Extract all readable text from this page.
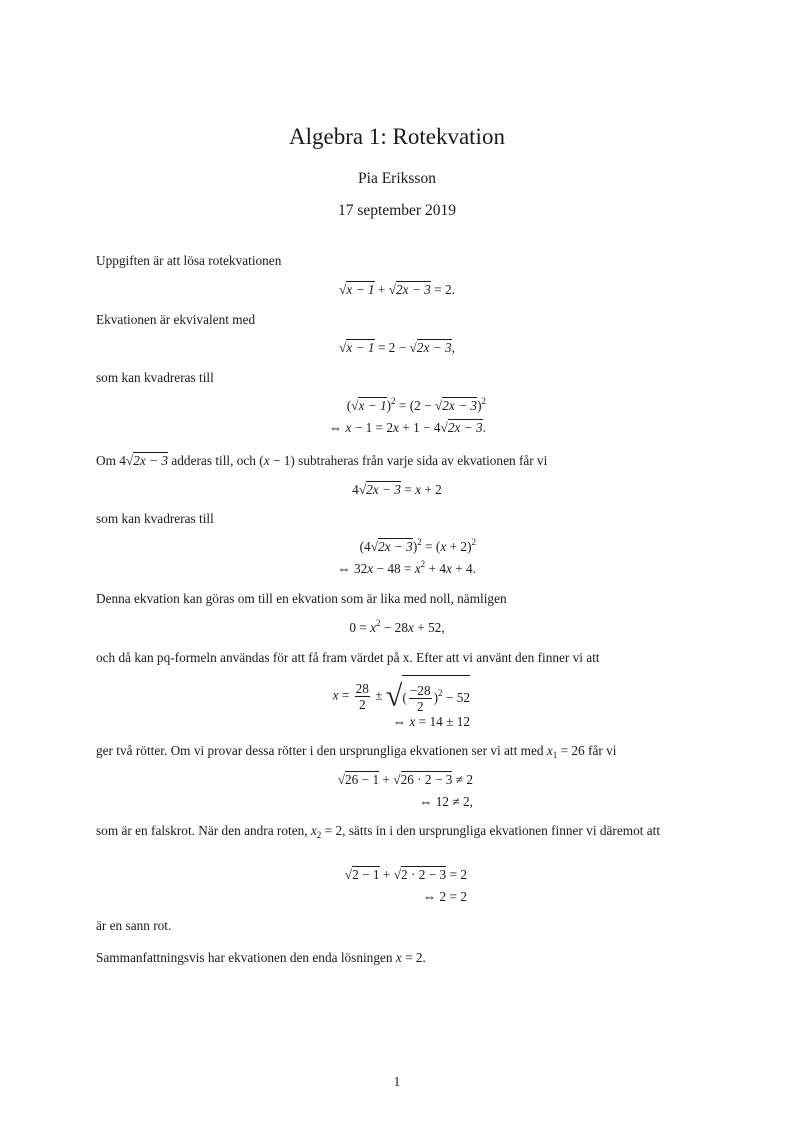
Algebra 1: Rotekvation
Pia Eriksson
17 september 2019
Uppgiften är att lösa rotekvationen
√x − 1 + √2x − 3 = 2.
Ekvationen är ekvivalent med
√x − 1 = 2 − √2x − 3,
som kan kvadreras till
$(√x - 1)^2 = (2 - √2x - 3)^2$
⇔ x − 1 = 2x + 1 − 4√2x − 3.
Om 4√2x − 3 adderas till, och (x − 1) subtraheras från varje sida av ekvationen får vi
4√2x − 3 = x + 2
som kan kvadreras till
$(4√2x - 3)^2 = (x + 2)^2$
⇔ $32x - 48 = x^2 + 4x + 4$.
Denna ekvation kan göras om till en ekvation som är lika med noll, nämligen
$0 = x^2 - 28x + 52$,
och då kan pq-formeln användas för att få fram värdet på x. Efter att vi använt den finner vi att
$x = \frac{28}{2}$ ± √( $\frac{-28}{2} )^2 - 52$
⇔ x = 14 ± 12
ger två rötter. Om vi provar dessa rötter i den ursprungliga ekvationen ser vi att med $x_1 = 26$ får vi
√26 − 1 + √26 · 2 − 3 ≠ 2
⇔ 12 ≠ 2,
som är en falskrot. När den andra roten, $x_2 = 2$, sätts in i den ursprungliga ekvationen finner vi däremot att
√2 − 1 + √2 · 2 − 3 = 2
⇔ 2 = 2
är en sann rot.
Sammanfattningsvis har ekvationen den enda lösningen x = 2.
1
